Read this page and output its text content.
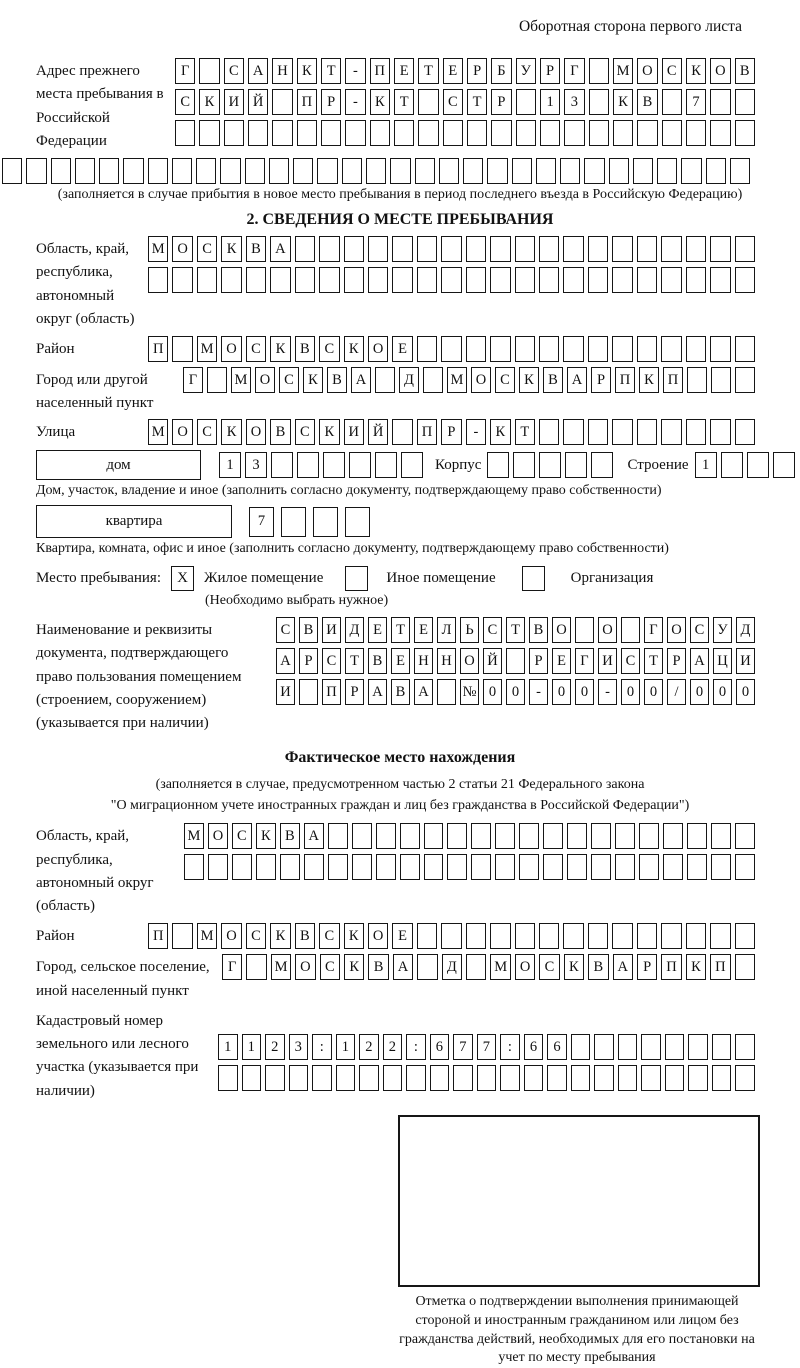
Оборотная сторона первого листа
Адрес прежнего места пребывания в Российской Федерации
Г	С А Н К	Т	-	П	Е	Т	Е	Р	Б	У	Р	Г	М О С	К О В
С	К И Й	П	Р	-	К	Т	С	Т	Р	1	3	К	В	7
(заполняется в случае прибытия в новое место пребывания в период последнего въезда в Российскую Федерацию)
2. СВЕДЕНИЯ О МЕСТЕ ПРЕБЫВАНИЯ
Область, край, республика, автономный округ (область)
М О С	К	В А
Район	П	М О С	К	В	С	К О	Е
Город или другой населенный пункт
Г	М О С К В А	Д	М О С К В А	Р	П К П
Улица	М О С	К О В	С	К И Й	П	Р	-	К	Т
дом	1	3	Корпус	Строение 1
Дом, участок, владение и иное (заполнить согласно документу, подтверждающему право собственности)
квартира	7
Квартира, комната, офис и иное (заполнить согласно документу, подтверждающему право собственности)
Место пребывания:	X	Жилое помещение	Иное помещение	Организация
(Необходимо выбрать нужное)
Наименование и реквизиты документа, подтверждающего право пользования помещением (строением, сооружением) (указывается при наличии)
С В И Д Е Т Е Л Ь С Т В О О	Г О С У Д
А Р С Т В Е Н Н О Й	Р	Е Г И С Т	Р А Ц И
И П Р А В А № 0	0	-	0	0	-	0	0	/	0	0	0
Фактическое место нахождения
(заполняется в случае, предусмотренном частью 2 статьи 21 Федерального закона
"О миграционном учете иностранных граждан и лиц без гражданства в Российской Федерации")
Область, край, республика, автономный округ (область)
М О С К В А
Район	П	М О С	К	В	С	К О	Е
Город, сельское поселение, иной населенный пункт
Г	М О С	К	В А	Д	М О С	К	В А	Р	П К П
Кадастровый номер земельного или лесного участка (указывается при наличии)
1	1	2	3	:	1	2	2	:	6	7	7	:	6	6
Отметка о подтверждении выполнения принимающей стороной и иностранным гражданином или лицом без гражданства действий, необходимых для его постановки на учет по месту пребывания
